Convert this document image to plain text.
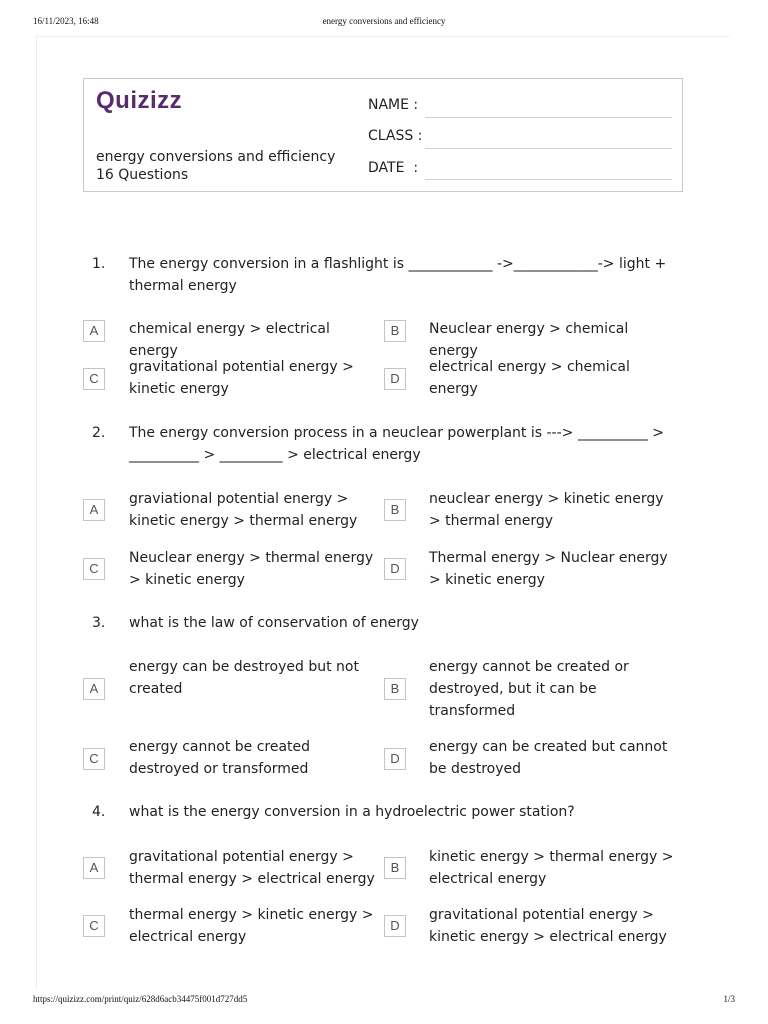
16/11/2023, 16:48	energy conversions and efficiency
Quizizz
energy conversions and efficiency
16 Questions
NAME :
CLASS :
DATE  :
1. The energy conversion in a flashlight is ____________ ->____________-> light + thermal energy
A	chemical energy > electrical energy
B	Neuclear energy > chemical energy
C
gravitational potential energy > kinetic energy
D
electrical energy > chemical energy
2. The energy conversion process in a neuclear powerplant is ---> __________ > __________ > _________ > electrical energy
A
graviational potential energy > kinetic energy > thermal energy
B
neuclear energy > kinetic energy > thermal energy
C
Neuclear energy > thermal energy > kinetic energy
D
Thermal energy > Nuclear energy > kinetic energy
3. what is the law of conservation of energy
A
energy can be destroyed but not created	B
energy cannot be created or destroyed, but it can be transformed
C
energy cannot be created destroyed or transformed
D
energy can be created but cannot be destroyed
4. what is the energy conversion in a hydroelectric power station?
A
gravitational potential energy > thermal energy > electrical energy
B
kinetic energy > thermal energy > electrical energy
C
thermal energy > kinetic energy > electrical energy
D
gravitational potential energy > kinetic energy > electrical energy
https://quizizz.com/print/quiz/628d6acb34475f001d727dd5	1/3
